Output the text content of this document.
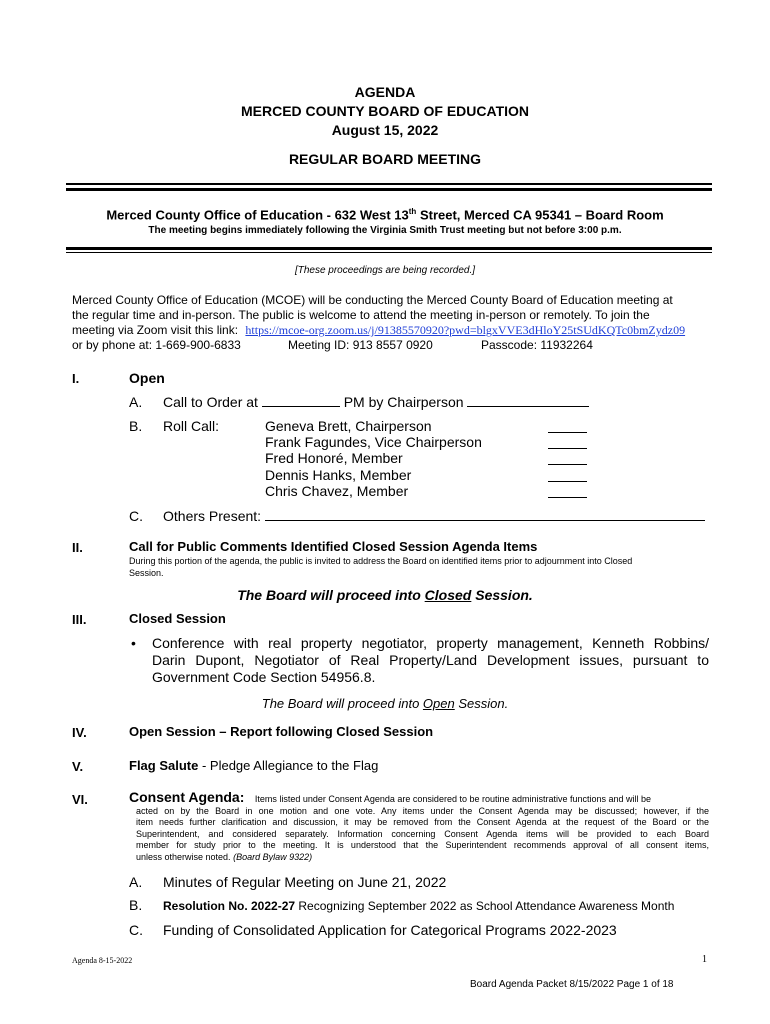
AGENDA
MERCED COUNTY BOARD OF EDUCATION
August 15, 2022
REGULAR BOARD MEETING
Merced County Office of Education - 632 West 13th Street, Merced CA 95341 – Board Room
The meeting begins immediately following the Virginia Smith Trust meeting but not before 3:00 p.m.
[These proceedings are being recorded.]
Merced County Office of Education (MCOE) will be conducting the Merced County Board of Education meeting at
the regular time and in-person. The public is welcome to attend the meeting in-person or remotely. To join the
meeting via Zoom visit this link: https://mcoe-org.zoom.us/j/91385570920?pwd=blgxVVE3dHloY25tSUdKQTc0bmZydz09
or by phone at: 1-669-900-6833	Meeting ID: 913 8557 0920	Passcode: 11932264
I.	Open
A. Call to Order at	PM by Chairperson
B. Roll Call:	Geneva Brett, Chairperson
Frank Fagundes, Vice Chairperson
Fred Honoré, Member
Dennis Hanks, Member
Chris Chavez, Member
C. Others Present:
II.	Call for Public Comments Identified Closed Session Agenda Items
During this portion of the agenda, the public is invited to address the Board on identified items prior to adjournment into Closed
Session.
The Board will proceed into Closed Session.
III.	Closed Session
• Conference with real property negotiator, property management, Kenneth Robbins/
Darin Dupont, Negotiator of Real Property/Land Development issues, pursuant to
Government Code Section 54956.8.
The Board will proceed into Open Session.
IV.	Open Session – Report following Closed Session
V.	Flag Salute - Pledge Allegiance to the Flag
VI.	Consent Agenda: Items listed under Consent Agenda are considered to be routine administrative functions and will be
acted on by the Board in one motion and one vote. Any items under the Consent Agenda may be discussed; however, if the
item needs further clarification and discussion, it may be removed from the Consent Agenda at the request of the Board or the
Superintendent, and considered separately. Information concerning Consent Agenda items will be provided to each Board
member for study prior to the meeting. It is understood that the Superintendent recommends approval of all consent items,
unless otherwise noted. (Board Bylaw 9322)
A. Minutes of Regular Meeting on June 21, 2022
B. Resolution No. 2022-27 Recognizing September 2022 as School Attendance Awareness Month
C. Funding of Consolidated Application for Categorical Programs 2022-2023
Agenda 8-15-2022	1
Board Agenda Packet 8/15/2022 Page 1 of 18
